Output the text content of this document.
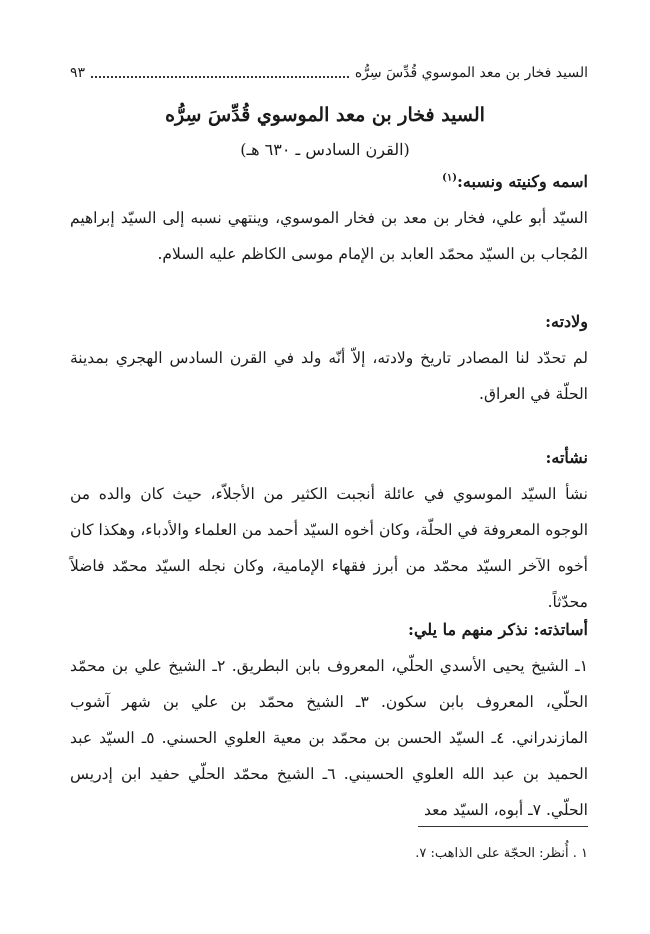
السيد فخار بن معد الموسوي قُدِّسَ سِرُّه
٩٣
السيد فخار بن معد الموسوي قُدِّسَ سِرُّه
(القرن السادس ـ ٦٣٠ هـ)
اسمه وكنيته ونسبه:$^{(١)}$
السيّد أبو علي، فخار بن معد بن فخار الموسوي، وينتهي نسبه إلى السيّد إبراهيم المُجاب بن السيّد محمّد العابد بن الإمام موسى الكاظم عليه السلام.
ولادته:
لم تحدّد لنا المصادر تاريخ ولادته، إلاّ أنّه ولد في القرن السادس الهجري بمدينة الحلّة في العراق.
نشأته:
نشأ السيّد الموسوي في عائلة أنجبت الكثير من الأجلاّء، حيث كان والده من الوجوه المعروفة في الحلّة، وكان أخوه السيّد أحمد من العلماء والأدباء، وهكذا كان أخوه الآخر السيّد محمّد من أبرز فقهاء الإمامية، وكان نجله السيّد محمّد فاضلاً محدّثاً.
أساتذته: نذكر منهم ما يلي:
١ـ الشيخ يحيى الأسدي الحلّي، المعروف بابن البطريق. ٢ـ الشيخ علي بن محمّد الحلّي، المعروف بابن سكون. ٣ـ الشيخ محمّد بن علي بن شهر آشوب المازندراني. ٤ـ السيّد الحسن بن محمّد بن معية العلوي الحسني. ٥ـ السيّد عبد الحميد بن عبد الله العلوي الحسيني. ٦ـ الشيخ محمّد الحلّي حفيد ابن إدريس الحلّي. ٧ـ أبوه، السيّد معد
١ . أُنظر: الحجّة على الذاهب: ٧.
